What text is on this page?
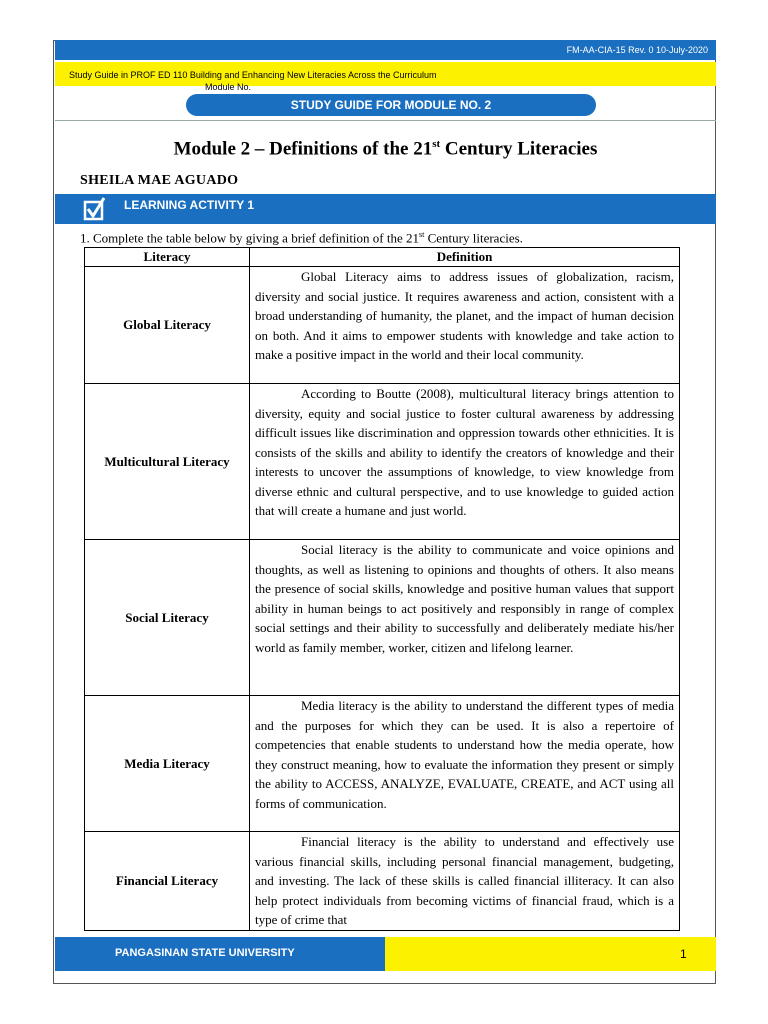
FM-AA-CIA-15 Rev. 0 10-July-2020
Study Guide in PROF ED 110 Building and Enhancing New Literacies Across the Curriculum
Module No.
STUDY GUIDE FOR MODULE NO. 2
Module 2 – Definitions of the 21st Century Literacies
SHEILA MAE AGUADO
LEARNING ACTIVITY 1
1. Complete the table below by giving a brief definition of the 21st Century literacies.
Literacy	Definition
Global Literacy	Global Literacy aims to address issues of globalization, racism, diversity and social justice. It requires awareness and action, consistent with a broad understanding of humanity, the planet, and the impact of human decision on both. And it aims to empower students with knowledge and take action to make a positive impact in the world and their local community.
Multicultural Literacy	According to Boutte (2008), multicultural literacy brings attention to diversity, equity and social justice to foster cultural awareness by addressing difficult issues like discrimination and oppression towards other ethnicities. It is consists of the skills and ability to identify the creators of knowledge and their interests to uncover the assumptions of knowledge, to view knowledge from diverse ethnic and cultural perspective, and to use knowledge to guided action that will create a humane and just world.
Social Literacy	Social literacy is the ability to communicate and voice opinions and thoughts, as well as listening to opinions and thoughts of others. It also means the presence of social skills, knowledge and positive human values that support ability in human beings to act positively and responsibly in range of complex social settings and their ability to successfully and deliberately mediate his/her world as family member, worker, citizen and lifelong learner.
Media Literacy	Media literacy is the ability to understand the different types of media and the purposes for which they can be used. It is also a repertoire of competencies that enable students to understand how the media operate, how they construct meaning, how to evaluate the information they present or simply the ability to ACCESS, ANALYZE, EVALUATE, CREATE, and ACT using all forms of communication.
Financial Literacy	Financial literacy is the ability to understand and effectively use various financial skills, including personal financial management, budgeting, and investing. The lack of these skills is called financial illiteracy. It can also help protect individuals from becoming victims of financial fraud, which is a type of crime that
PANGASINAN STATE UNIVERSITY	1
